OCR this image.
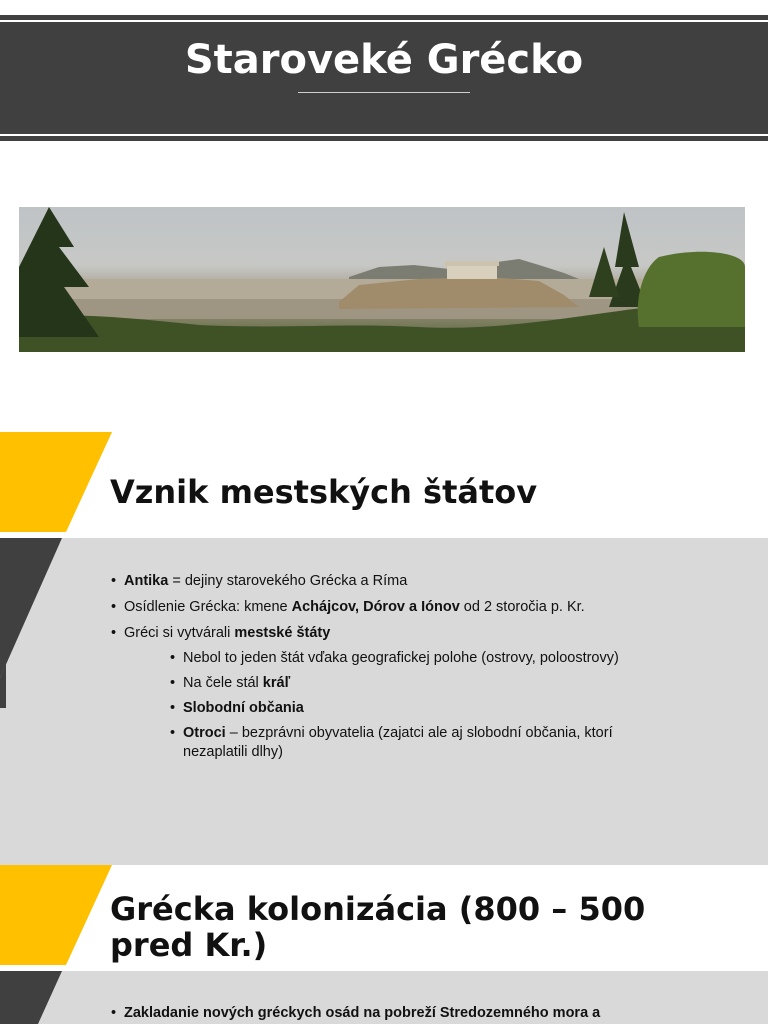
Staroveké Grécko
Vznik mestských štátov
• Antika = dejiny starovekého Grécka a Ríma
• Osídlenie Grécka: kmene Achájcov, Dórov a Iónov od 2 storočia p. Kr.
• Gréci si vytvárali mestské štáty
• Nebol to jeden štát vďaka geografickej polohe (ostrovy, poloostrovy)
• Na čele stál kráľ
• Slobodní občania
• Otroci – bezprávni obyvatelia (zajatci ale aj slobodní občania, ktorí nezaplatili dlhy)
Grécka kolonizácia (800 – 500
pred Kr.)
• Zakladanie nových gréckych osád na pobreží Stredozemného mora a
